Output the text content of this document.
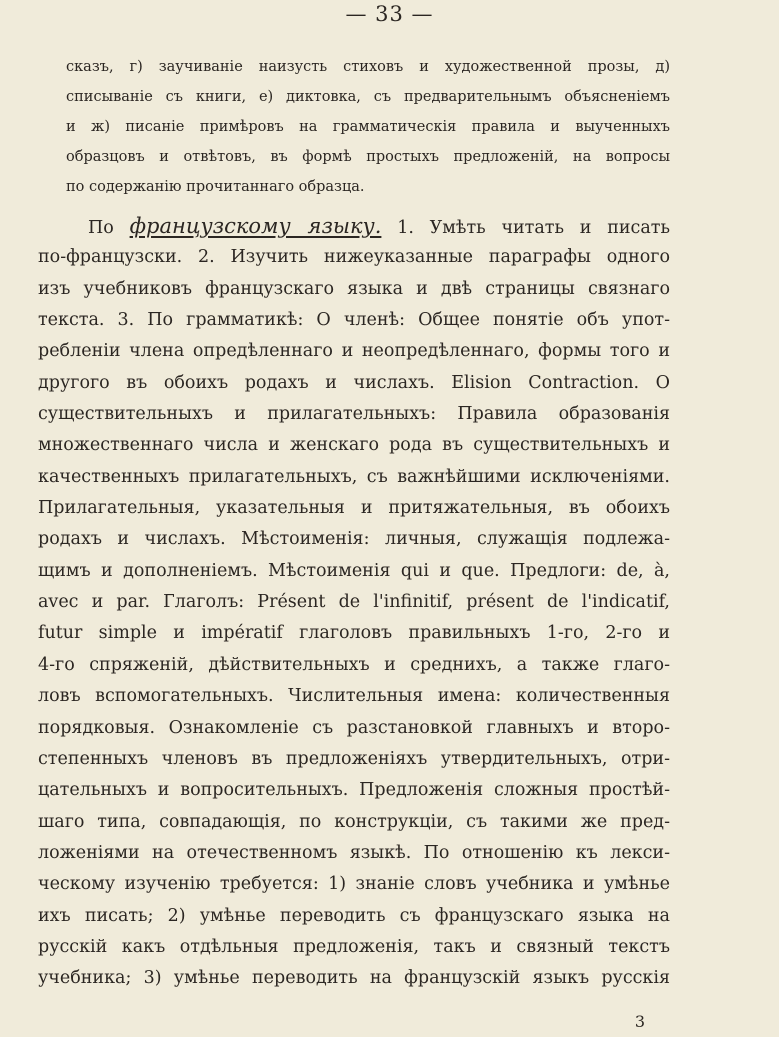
— 33 —
сказъ, г) заучиваніе наизусть стиховъ и художественной прозы, д)
списываніе съ книги, е) диктовка, съ предварительнымъ объясненіемъ
и ж) писаніе примѣровъ на грамматическія правила и выученныхъ
образцовъ и отвѣтовъ, въ формѣ простыхъ предложеній, на вопросы
по содержанію прочитаннаго образца.
По французскому языку. 1. Умѣть читать и писать
по-французски. 2. Изучить нижеуказанные параграфы одного
изъ учебниковъ французскаго языка и двѣ страницы связнаго
текста. 3. По грамматикѣ: О членѣ: Общее понятіе объ упот-
ребленіи члена опредѣленнаго и неопредѣленнаго, формы того и
другого въ обоихъ родахъ и числахъ. Elision Contraction. О
существительныхъ и прилагательныхъ: Правила образованія
множественнаго числа и женскаго рода въ существительныхъ и
качественныхъ прилагательныхъ, съ важнѣйшими исключеніями.
Прилагательныя, указательныя и притяжательныя, въ обоихъ
родахъ и числахъ. Мѣстоименія: личныя, служащія подлежа-
щимъ и дополненіемъ. Мѣстоименія qui и que. Предлоги: de, à,
avec и par. Глаголъ: Présent de l'infinitif, présent de l'indicatif,
futur simple и impératif глаголовъ правильныхъ 1-го, 2-го и
4-го спряженій, дѣйствительныхъ и среднихъ, а также глаго-
ловъ вспомогательныхъ. Числительныя имена: количественныя
порядковыя. Ознакомленіе съ разстановкой главныхъ и второ-
степенныхъ членовъ въ предложеніяхъ утвердительныхъ, отри-
цательныхъ и вопросительныхъ. Предложенія сложныя простѣй-
шаго типа, совпадающія, по конструкціи, съ такими же пред-
ложеніями на отечественномъ языкѣ. По отношенію къ лекси-
ческому изученію требуется: 1) знаніе словъ учебника и умѣнье
ихъ писать; 2) умѣнье переводить съ французскаго языка на
русскій какъ отдѣльныя предложенія, такъ и связный текстъ
учебника; 3) умѣнье переводить на французскій языкъ русскія
3
